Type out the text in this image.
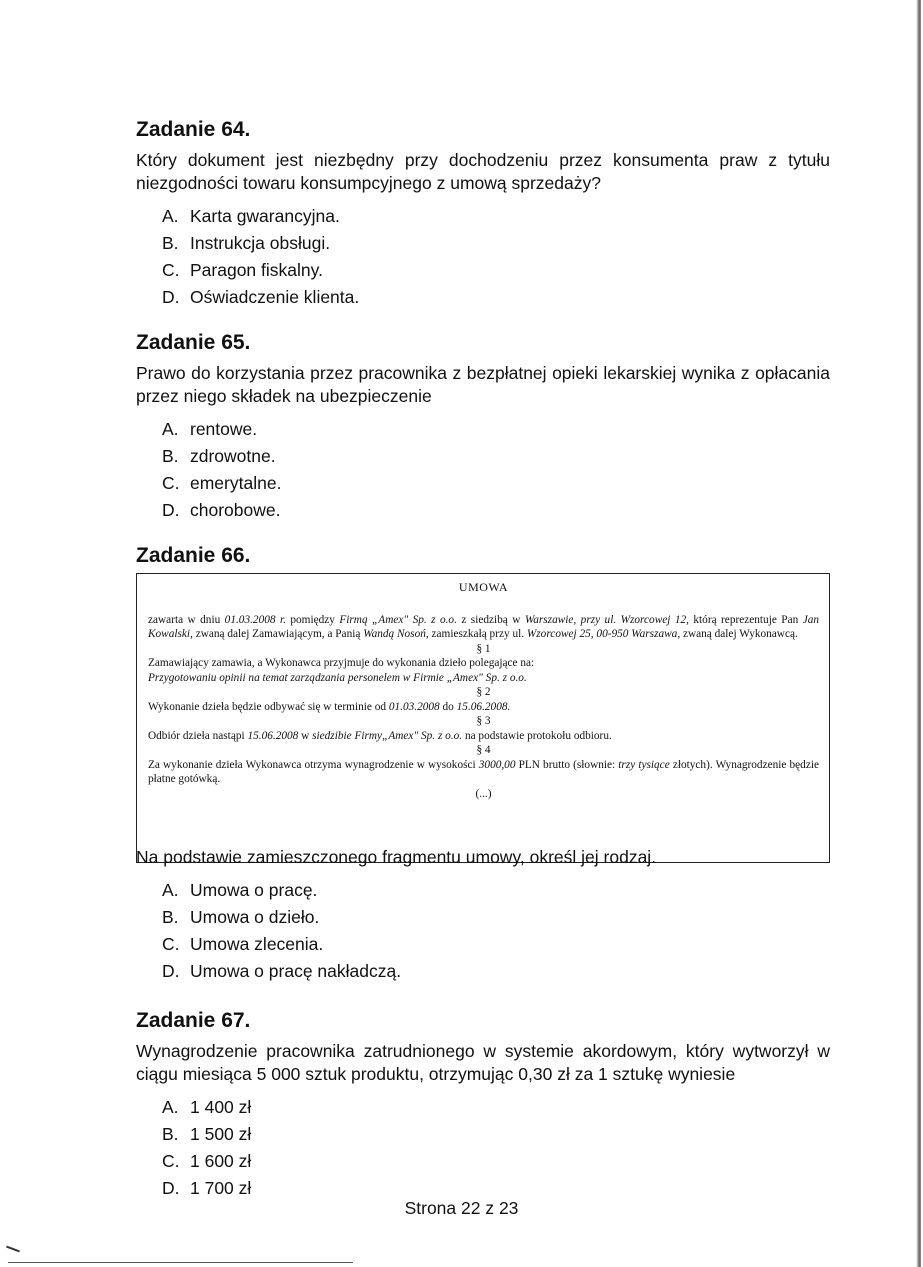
Zadanie 64.

Który dokument jest niezbędny przy dochodzeniu przez konsumenta praw z tytułu niezgodności towaru konsumpcyjnego z umową sprzedaży?

A. Karta gwarancyjna.
B. Instrukcja obsługi.
C. Paragon fiskalny.
D. Oświadczenie klienta.
Zadanie 65.

Prawo do korzystania przez pracownika z bezpłatnej opieki lekarskiej wynika z opłacania przez niego składek na ubezpieczenie

A. rentowe.
B. zdrowotne.
C. emerytalne.
D. chorobowe.
Zadanie 66.
UMOWA

zawarta w dniu 01.03.2008 r. pomiędzy Firmą „Amex" Sp. z o.o. z siedzibą w Warszawie, przy ul. Wzorcowej 12, którą reprezentuje Pan Jan Kowalski, zwaną dalej Zamawiającym, a Panią Wandą Nosoń, zamieszkałą przy ul. Wzorcowej 25, 00-950 Warszawa, zwaną dalej Wykonawcą.

§ 1

Zamawiający zamawia, a Wykonawca przyjmuje do wykonania dzieło polegające na:

Przygotowaniu opinii na temat zarządzania personelem w Firmie „Amex" Sp. z o.o.

§ 2

Wykonanie dzieła będzie odbywać się w terminie od 01.03.2008 do 15.06.2008.

§ 3

Odbiór dzieła nastąpi 15.06.2008 w siedzibie Firmy„Amex" Sp. z o.o. na podstawie protokołu odbioru.

§ 4

Za wykonanie dzieła Wykonawca otrzyma wynagrodzenie w wysokości 3000,00 PLN brutto (słownie: trzy tysiące złotych). Wynagrodzenie będzie płatne gotówką.

(...)

Na podstawie zamieszczonego fragmentu umowy, określ jej rodzaj.

A. Umowa o pracę.
B. Umowa o dzieło.
C. Umowa zlecenia.
D. Umowa o pracę nakładczą.
Zadanie 67.

Wynagrodzenie pracownika zatrudnionego w systemie akordowym, który wytworzył w ciągu miesiąca 5 000 sztuk produktu, otrzymując 0,30 zł za 1 sztukę wyniesie

A. 1 400 zł
B. 1 500 zł
C. 1 600 zł
D. 1 700 zł
Strona 22 z 23
